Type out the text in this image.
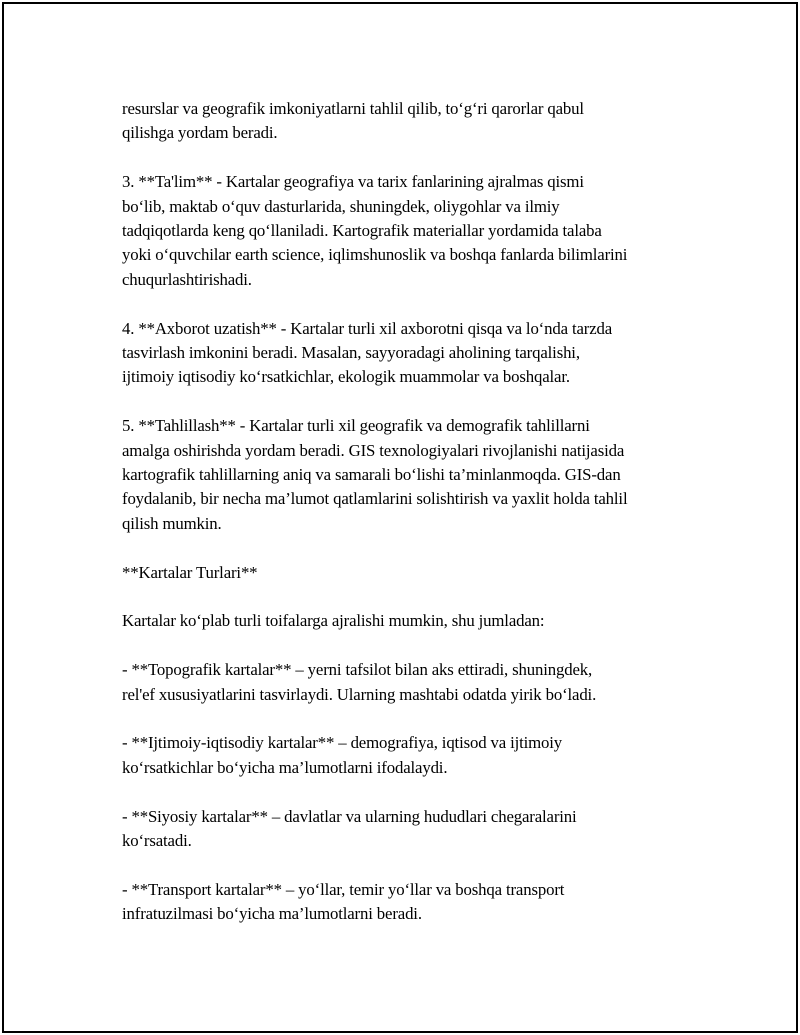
resurslar va geografik imkoniyatlarni tahlil qilib, to‘g‘ri qarorlar qabul
qilishga yordam beradi.

3. **Ta'lim** - Kartalar geografiya va tarix fanlarining ajralmas qismi
bo‘lib, maktab o‘quv dasturlarida, shuningdek, oliygohlar va ilmiy
tadqiqotlarda keng qo‘llaniladi. Kartografik materiallar yordamida talaba
yoki o‘quvchilar earth science, iqlimshunoslik va boshqa fanlarda bilimlarini
chuqurlashtirishadi.

4. **Axborot uzatish** - Kartalar turli xil axborotni qisqa va lo‘nda tarzda
tasvirlash imkonini beradi. Masalan, sayyoradagi aholining tarqalishi,
ijtimoiy iqtisodiy ko‘rsatkichlar, ekologik muammolar va boshqalar.

5. **Tahlillash** - Kartalar turli xil geografik va demografik tahlillarni
amalga oshirishda yordam beradi. GIS texnologiyalari rivojlanishi natijasida
kartografik tahlillarning aniq va samarali bo‘lishi ta’minlanmoqda. GIS-dan
foydalanib, bir necha ma’lumot qatlamlarini solishtirish va yaxlit holda tahlil
qilish mumkin.

**Kartalar Turlari**

Kartalar ko‘plab turli toifalarga ajralishi mumkin, shu jumladan:

- **Topografik kartalar** – yerni tafsilot bilan aks ettiradi, shuningdek,
rel'ef xususiyatlarini tasvirlaydi. Ularning mashtabi odatda yirik bo‘ladi.

- **Ijtimoiy-iqtisodiy kartalar** – demografiya, iqtisod va ijtimoiy
ko‘rsatkichlar bo‘yicha ma’lumotlarni ifodalaydi.

- **Siyosiy kartalar** – davlatlar va ularning hududlari chegaralarini
ko‘rsatadi.

- **Transport kartalar** – yo‘llar, temir yo‘llar va boshqa transport
infratuzilmasi bo‘yicha ma’lumotlarni beradi.
